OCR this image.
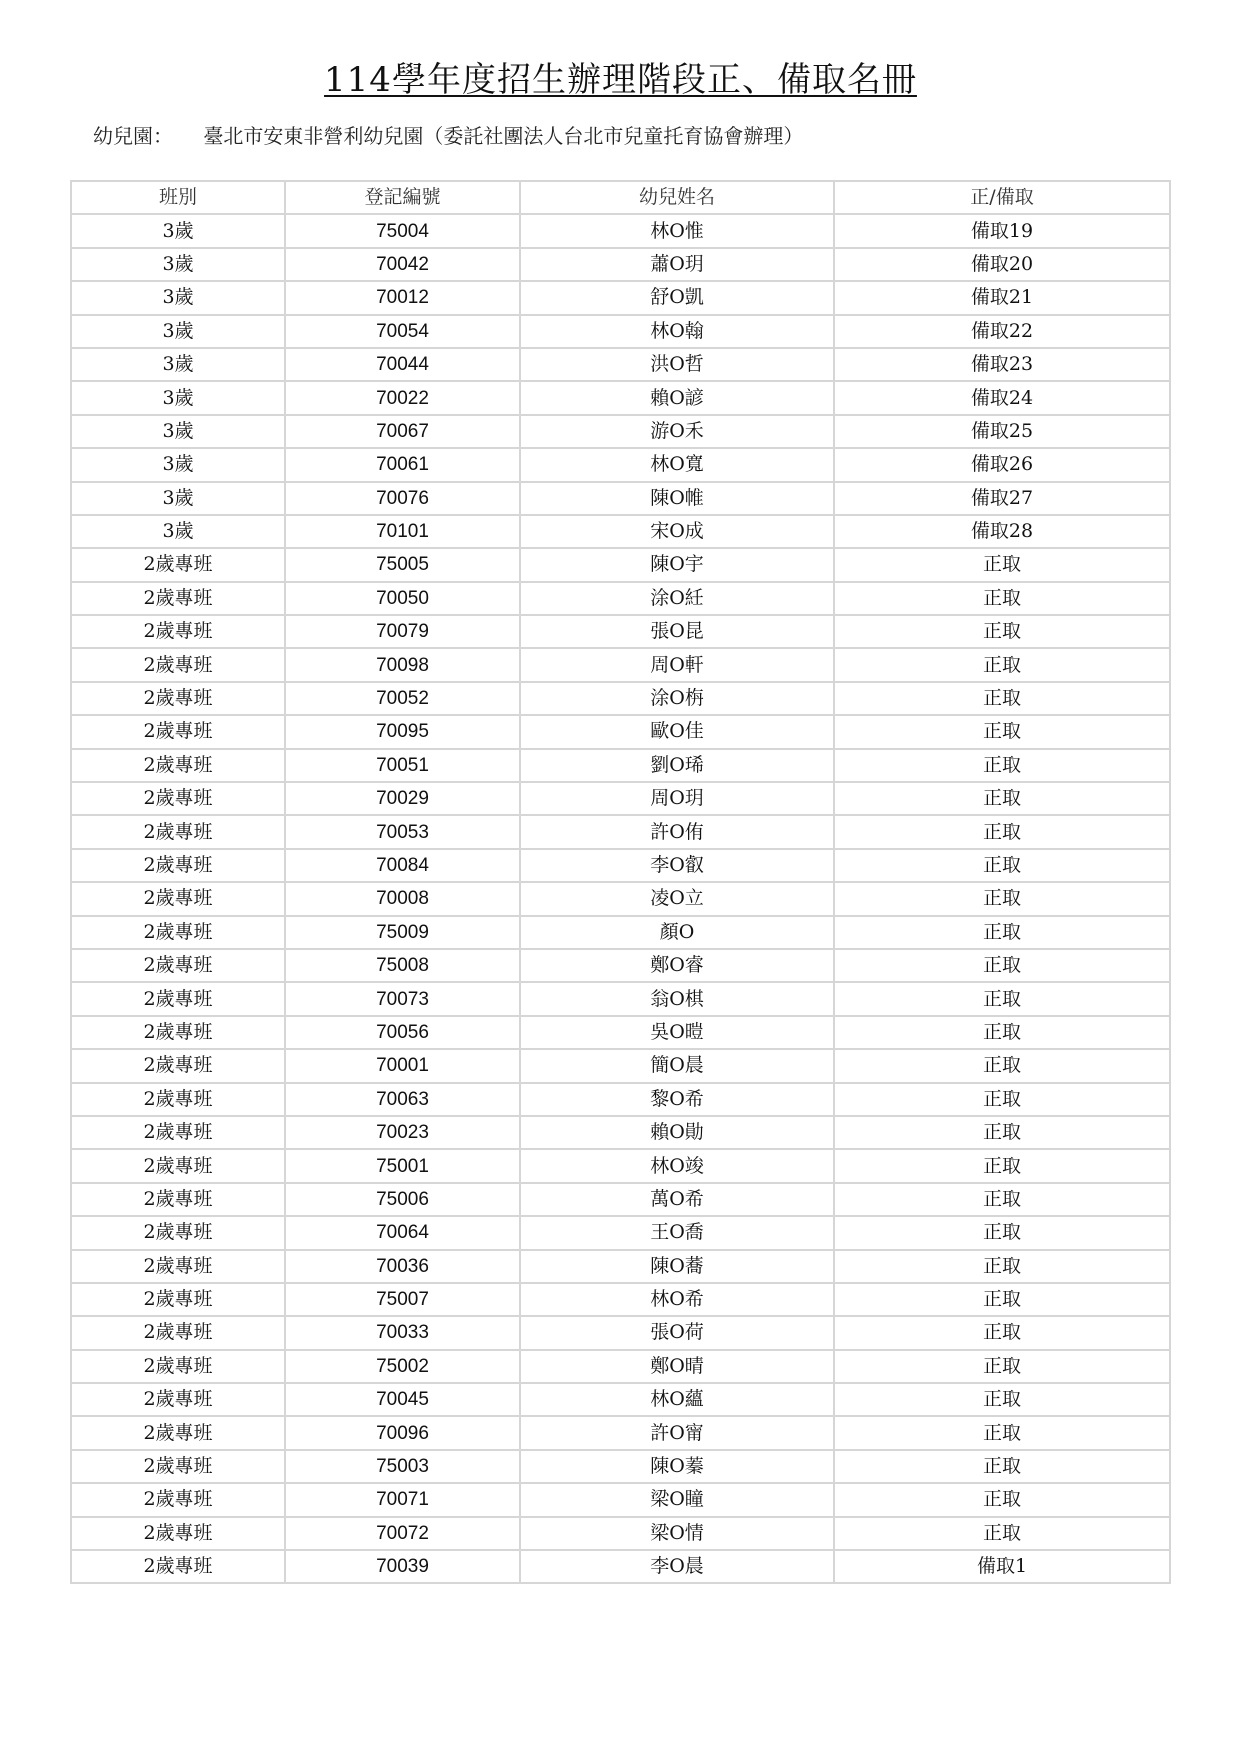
114學年度招生辦理階段正、備取名冊
幼兒園： 臺北市安東非營利幼兒園（委託社團法人台北市兒童托育協會辦理）
班別	登記編號	幼兒姓名	正/備取
3歲	75004	林O惟	備取19
3歲	70042	蕭O玥	備取20
3歲	70012	舒O凱	備取21
3歲	70054	林O翰	備取22
3歲	70044	洪O哲	備取23
3歲	70022	賴O諺	備取24
3歲	70067	游O禾	備取25
3歲	70061	林O寬	備取26
3歲	70076	陳O帷	備取27
3歲	70101	宋O成	備取28
2歲專班	75005	陳O宇	正取
2歲專班	70050	涂O紝	正取
2歲專班	70079	張O昆	正取
2歲專班	70098	周O軒	正取
2歲專班	70052	涂O栴	正取
2歲專班	70095	歐O佳	正取
2歲專班	70051	劉O琋	正取
2歲專班	70029	周O玥	正取
2歲專班	70053	許O侑	正取
2歲專班	70084	李O叡	正取
2歲專班	70008	凌O立	正取
2歲專班	75009	顏O	正取
2歲專班	75008	鄭O睿	正取
2歲專班	70073	翁O棋	正取
2歲專班	70056	吳O暟	正取
2歲專班	70001	簡O晨	正取
2歲專班	70063	黎O希	正取
2歲專班	70023	賴O勛	正取
2歲專班	75001	林O竣	正取
2歲專班	75006	萬O希	正取
2歲專班	70064	王O喬	正取
2歲專班	70036	陳O蕎	正取
2歲專班	75007	林O希	正取
2歲專班	70033	張O荷	正取
2歲專班	75002	鄭O晴	正取
2歲專班	70045	林O蘊	正取
2歲專班	70096	許O甯	正取
2歲專班	75003	陳O蓁	正取
2歲專班	70071	梁O瞳	正取
2歲專班	70072	梁O情	正取
2歲專班	70039	李O晨	備取1
